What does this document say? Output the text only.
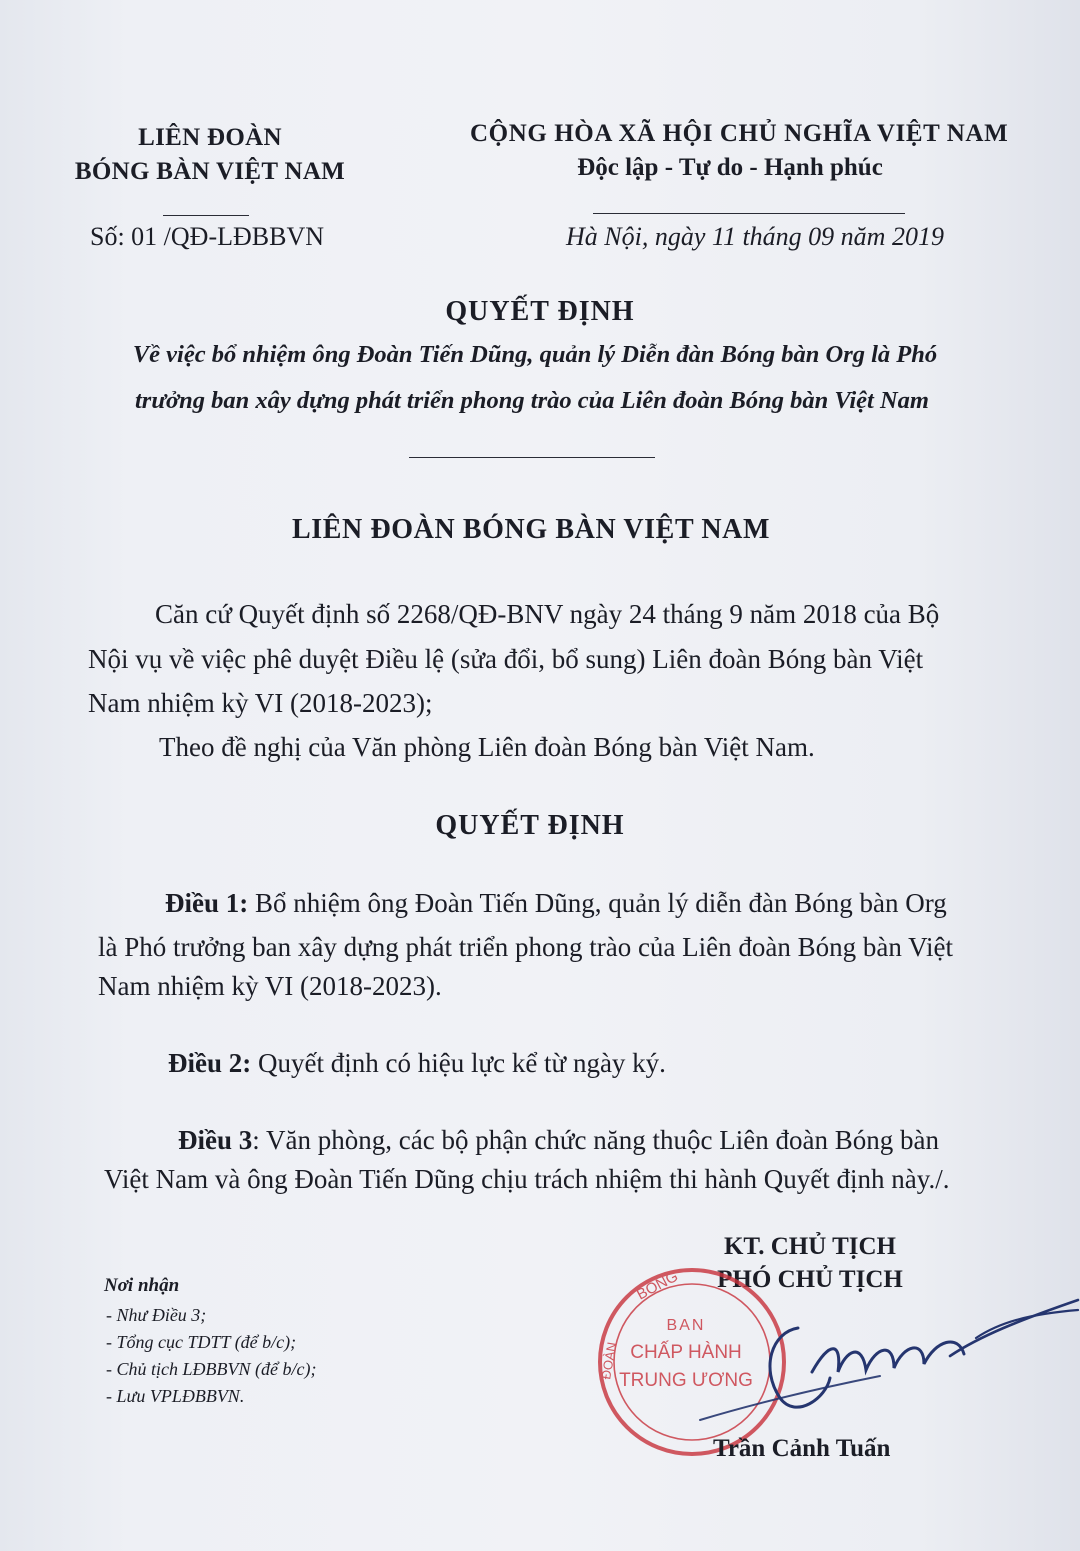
LIÊN ĐOÀN
BÓNG BÀN VIỆT NAM
Số: 01 /QĐ-LĐBBVN
CỘNG HÒA XÃ HỘI CHỦ NGHĨA VIỆT NAM
Độc lập - Tự do - Hạnh phúc
Hà Nội, ngày 11 tháng 09 năm 2019
QUYẾT ĐỊNH
Về việc bổ nhiệm ông Đoàn Tiến Dũng, quản lý Diễn đàn Bóng bàn Org là Phó
trưởng ban xây dựng phát triển phong trào của Liên đoàn Bóng bàn Việt Nam
LIÊN ĐOÀN BÓNG BÀN VIỆT NAM
Căn cứ Quyết định số 2268/QĐ-BNV ngày 24 tháng 9 năm 2018 của Bộ
Nội vụ về việc phê duyệt Điều lệ (sửa đổi, bổ sung) Liên đoàn Bóng bàn Việt
Nam nhiệm kỳ VI (2018-2023);
Theo đề nghị của Văn phòng Liên đoàn Bóng bàn Việt Nam.
QUYẾT ĐỊNH
Điều 1: Bổ nhiệm ông Đoàn Tiến Dũng, quản lý diễn đàn Bóng bàn Org
là Phó trưởng ban xây dựng phát triển phong trào của Liên đoàn Bóng bàn Việt
Nam nhiệm kỳ VI (2018-2023).
Điều 2: Quyết định có hiệu lực kể từ ngày ký.
Điều 3: Văn phòng, các bộ phận chức năng thuộc Liên đoàn Bóng bàn
Việt Nam và ông Đoàn Tiến Dũng chịu trách nhiệm thi hành Quyết định này./.
Nơi nhận
- Như Điều 3;
- Tổng cục TDTT (để b/c);
- Chủ tịch LĐBBVN (để b/c);
- Lưu VPLĐBBVN.
KT. CHỦ TỊCH
PHÓ CHỦ TỊCH
BÓNG
ĐOÀN
BAN
CHẤP HÀNH
TRUNG ƯƠNG
Trần Cảnh Tuấn
